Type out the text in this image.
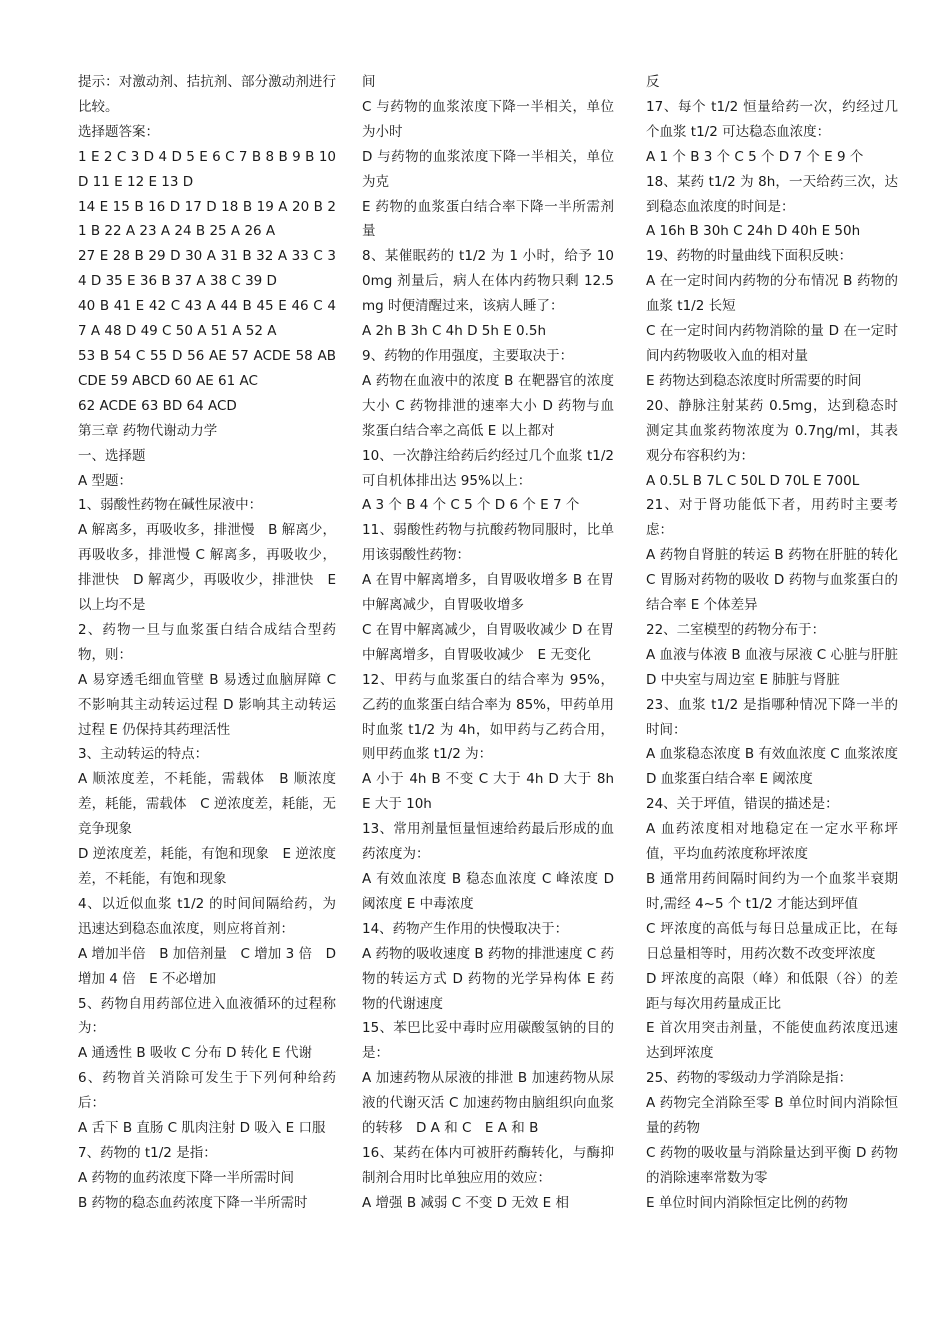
提示：对激动剂、拮抗剂、部分激动剂进行比较。

选择题答案：

1 E 2 C 3 D 4 D 5 E 6 C 7 B 8 B 9 B 10 D 11 E 12 E 13 D

14 E 15 B 16 D 17 D 18 B 19 A 20 B 21 B 22 A 23 A 24 B 25 A 26 A

27 E 28 B 29 D 30 A 31 B 32 A 33 C 34 D 35 E 36 B 37 A 38 C 39 D

40 B 41 E 42 C 43 A 44 B 45 E 46 C 47 A 48 D 49 C 50 A 51 A 52 A

53 B 54 C 55 D 56 AE 57 ACDE 58 ABCDE 59 ABCD 60 AE 61 AC

62 ACDE 63 BD 64 ACD

第三章 药物代谢动力学

一、选择题

A 型题：

1、弱酸性药物在碱性尿液中：

A 解离多，再吸收多，排泄慢　B 解离少，再吸收多，排泄慢 C 解离多，再吸收少，排泄快　D 解离少，再吸收少，排泄快　E 以上均不是

2、药物一旦与血浆蛋白结合成结合型药物，则：

A 易穿透毛细血管壁 B 易透过血脑屏障 C 不影响其主动转运过程 D 影响其主动转运过程 E 仍保持其药理活性

3、主动转运的特点：

A 顺浓度差，不耗能，需载体　B 顺浓度差，耗能，需载体　C 逆浓度差，耗能，无竞争现象

D 逆浓度差，耗能，有饱和现象　E 逆浓度差，不耗能，有饱和现象

4、以近似血浆 t1/2 的时间间隔给药，为迅速达到稳态血浓度，则应将首剂：

A 增加半倍　B 加倍剂量　C 增加 3 倍　D 增加 4 倍　E 不必增加

5、药物自用药部位进入血液循环的过程称为：

A 通透性 B 吸收 C 分布 D 转化 E 代谢

6、药物首关消除可发生于下列何种给药后：

A 舌下 B 直肠 C 肌肉注射 D 吸入 E 口服

7、药物的 t1/2 是指：

A 药物的血药浓度下降一半所需时间

B 药物的稳态血药浓度下降一半所需时

间

C 与药物的血浆浓度下降一半相关，单位为小时

D 与药物的血浆浓度下降一半相关，单位为克

E 药物的血浆蛋白结合率下降一半所需剂量

8、某催眠药的 t1/2 为 1 小时，给予 100mg 剂量后，病人在体内药物只剩 12.5mg 时便清醒过来，该病人睡了：

A 2h B 3h C 4h D 5h E 0.5h

9、药物的作用强度，主要取决于：

A 药物在血液中的浓度 B 在靶器官的浓度大小 C 药物排泄的速率大小 D 药物与血浆蛋白结合率之高低 E 以上都对

10、一次静注给药后约经过几个血浆 t1/2 可自机体排出达 95%以上：

A 3 个 B 4 个 C 5 个 D 6 个 E 7 个

11、弱酸性药物与抗酸药物同服时，比单用该弱酸性药物：

A 在胃中解离增多，自胃吸收增多 B 在胃中解离减少，自胃吸收增多

C 在胃中解离减少，自胃吸收减少 D 在胃中解离增多，自胃吸收减少　E 无变化

12、甲药与血浆蛋白的结合率为 95%，乙药的血浆蛋白结合率为 85%，甲药单用时血浆 t1/2 为 4h，如甲药与乙药合用，则甲药血浆 t1/2 为：

A 小于 4h B 不变 C 大于 4h D 大于 8h E 大于 10h

13、常用剂量恒量恒速给药最后形成的血药浓度为：

A 有效血浓度 B 稳态血浓度 C 峰浓度 D 阈浓度 E 中毒浓度

14、药物产生作用的快慢取决于：

A 药物的吸收速度 B 药物的排泄速度 C 药物的转运方式 D 药物的光学异构体 E 药物的代谢速度

15、苯巴比妥中毒时应用碳酸氢钠的目的是：

A 加速药物从尿液的排泄 B 加速药物从尿液的代谢灭活 C 加速药物由脑组织向血浆的转移　D A 和 C　E A 和 B

16、某药在体内可被肝药酶转化，与酶抑制剂合用时比单独应用的效应：

A 增强 B 减弱 C 不变 D 无效 E 相

反

17、每个 t1/2 恒量给药一次，约经过几个血浆 t1/2 可达稳态血浓度：

A 1 个 B 3 个 C 5 个 D 7 个 E 9 个

18、某药 t1/2 为 8h，一天给药三次，达到稳态血浓度的时间是：

A 16h B 30h C 24h D 40h E 50h

19、药物的时量曲线下面积反映：

A 在一定时间内药物的分布情况 B 药物的血浆 t1/2 长短

C 在一定时间内药物消除的量 D 在一定时间内药物吸收入血的相对量

E 药物达到稳态浓度时所需要的时间

20、静脉注射某药 0.5mg，达到稳态时测定其血浆药物浓度为 0.7ηg/ml，其表观分布容积约为：

A 0.5L B 7L C 50L D 70L E 700L

21、对于肾功能低下者，用药时主要考虑：

A 药物自肾脏的转运 B 药物在肝脏的转化 C 胃肠对药物的吸收 D 药物与血浆蛋白的结合率 E 个体差异

22、二室模型的药物分布于：

A 血液与体液 B 血液与尿液 C 心脏与肝脏 D 中央室与周边室 E 肺脏与肾脏

23、血浆 t1/2 是指哪种情况下降一半的时间：

A 血浆稳态浓度 B 有效血浓度 C 血浆浓度 D 血浆蛋白结合率 E 阈浓度

24、关于坪值，错误的描述是：

A 血药浓度相对地稳定在一定水平称坪值，平均血药浓度称坪浓度

B 通常用药间隔时间约为一个血浆半衰期时,需经 4~5 个 t1/2 才能达到坪值

C 坪浓度的高低与每日总量成正比，在每日总量相等时，用药次数不改变坪浓度

D 坪浓度的高限（峰）和低限（谷）的差距与每次用药量成正比

E 首次用突击剂量，不能使血药浓度迅速达到坪浓度

25、药物的零级动力学消除是指：

A 药物完全消除至零 B 单位时间内消除恒量的药物

C 药物的吸收量与消除量达到平衡 D 药物的消除速率常数为零

E 单位时间内消除恒定比例的药物
